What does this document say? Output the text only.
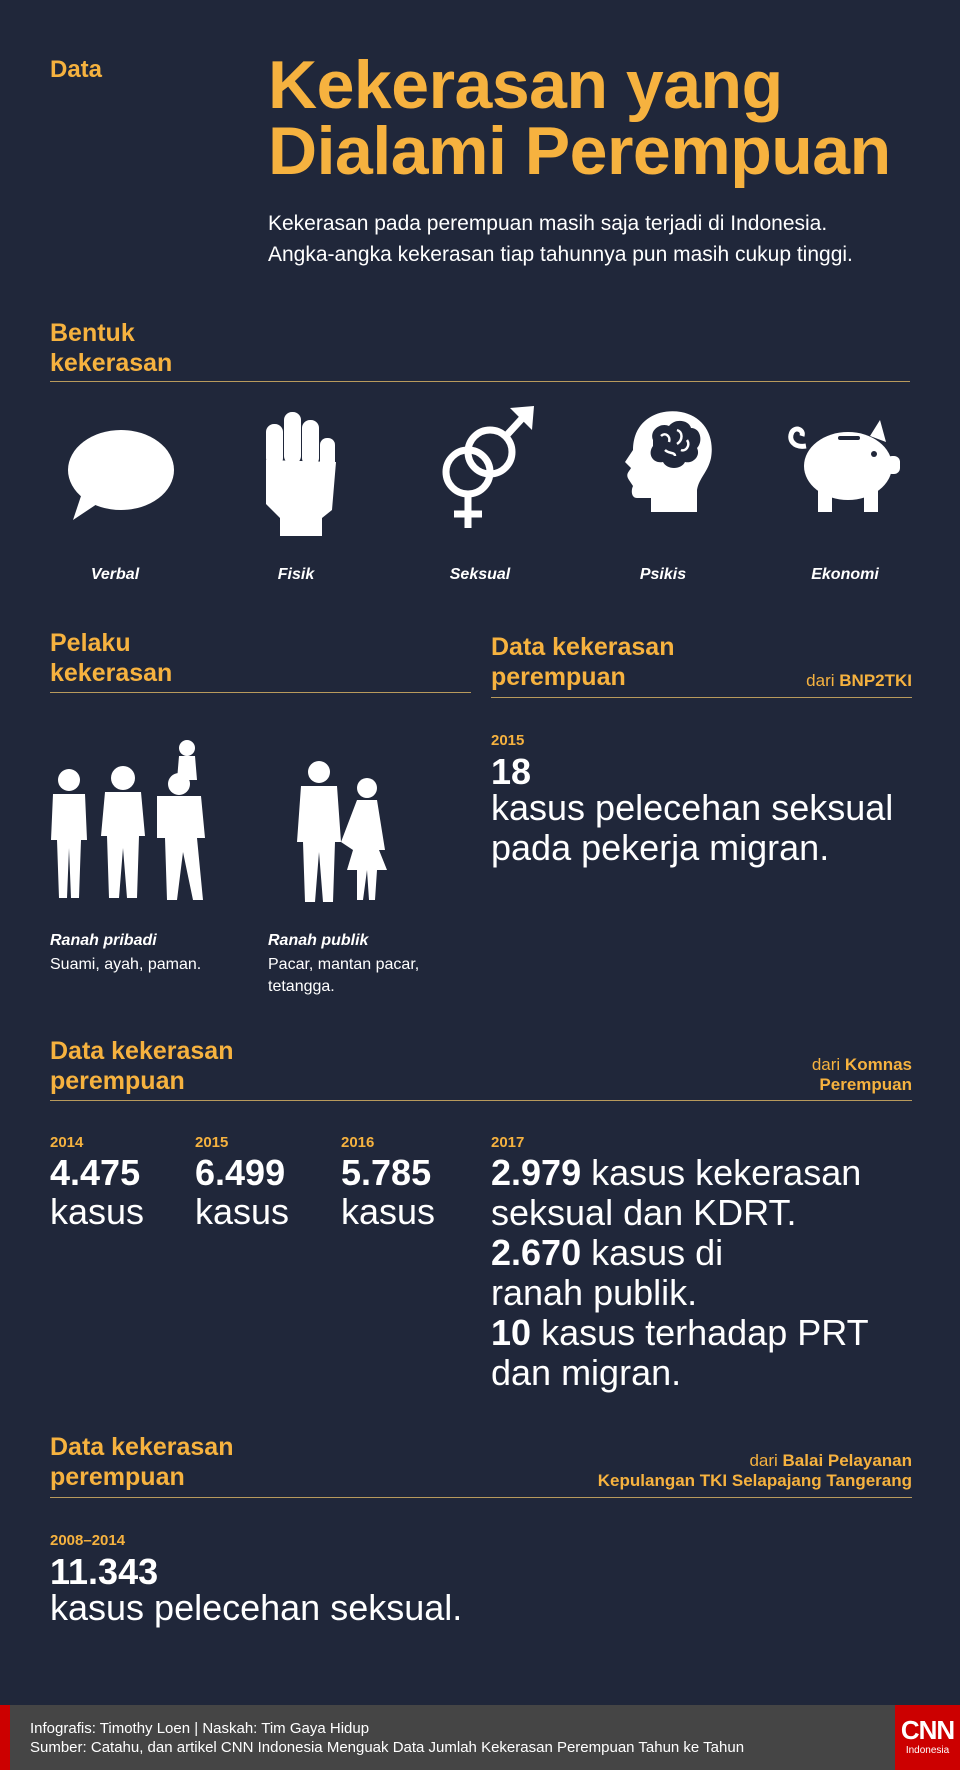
Data Kekerasan yang
Dialami Perempuan
Kekerasan pada perempuan masih saja terjadi di Indonesia.
Angka-angka kekerasan tiap tahunnya pun masih cukup tinggi.
Bentuk
kekerasan
Verbal	Fisik	Seksual	Psikis	Ekonomi
Pelaku
kekerasan
Ranah pribadi
Suami, ayah, paman.
Ranah publik
Pacar, mantan pacar,
tetangga.
Data kekerasan
perempuan	dari BNP2TKI
2015
18
kasus pelecehan seksual
pada pekerja migran.
Data kekerasan
perempuan
dari Komnas
Perempuan
2014
4.475
kasus
2015
6.499
kasus
2016
5.785
kasus
2017
2.979 kasus kekerasan
seksual dan KDRT.
2.670 kasus di
ranah publik.
10 kasus terhadap PRT
dan migran.
Data kekerasan
perempuan
dari Balai Pelayanan
Kepulangan TKI Selapajang Tangerang
2008–2014
11.343
kasus pelecehan seksual.
Infografis: Timothy Loen | Naskah: Tim Gaya Hidup
Sumber: Catahu, dan artikel CNN Indonesia Menguak Data Jumlah Kekerasan Perempuan Tahun ke Tahun
CNN
Indonesia
